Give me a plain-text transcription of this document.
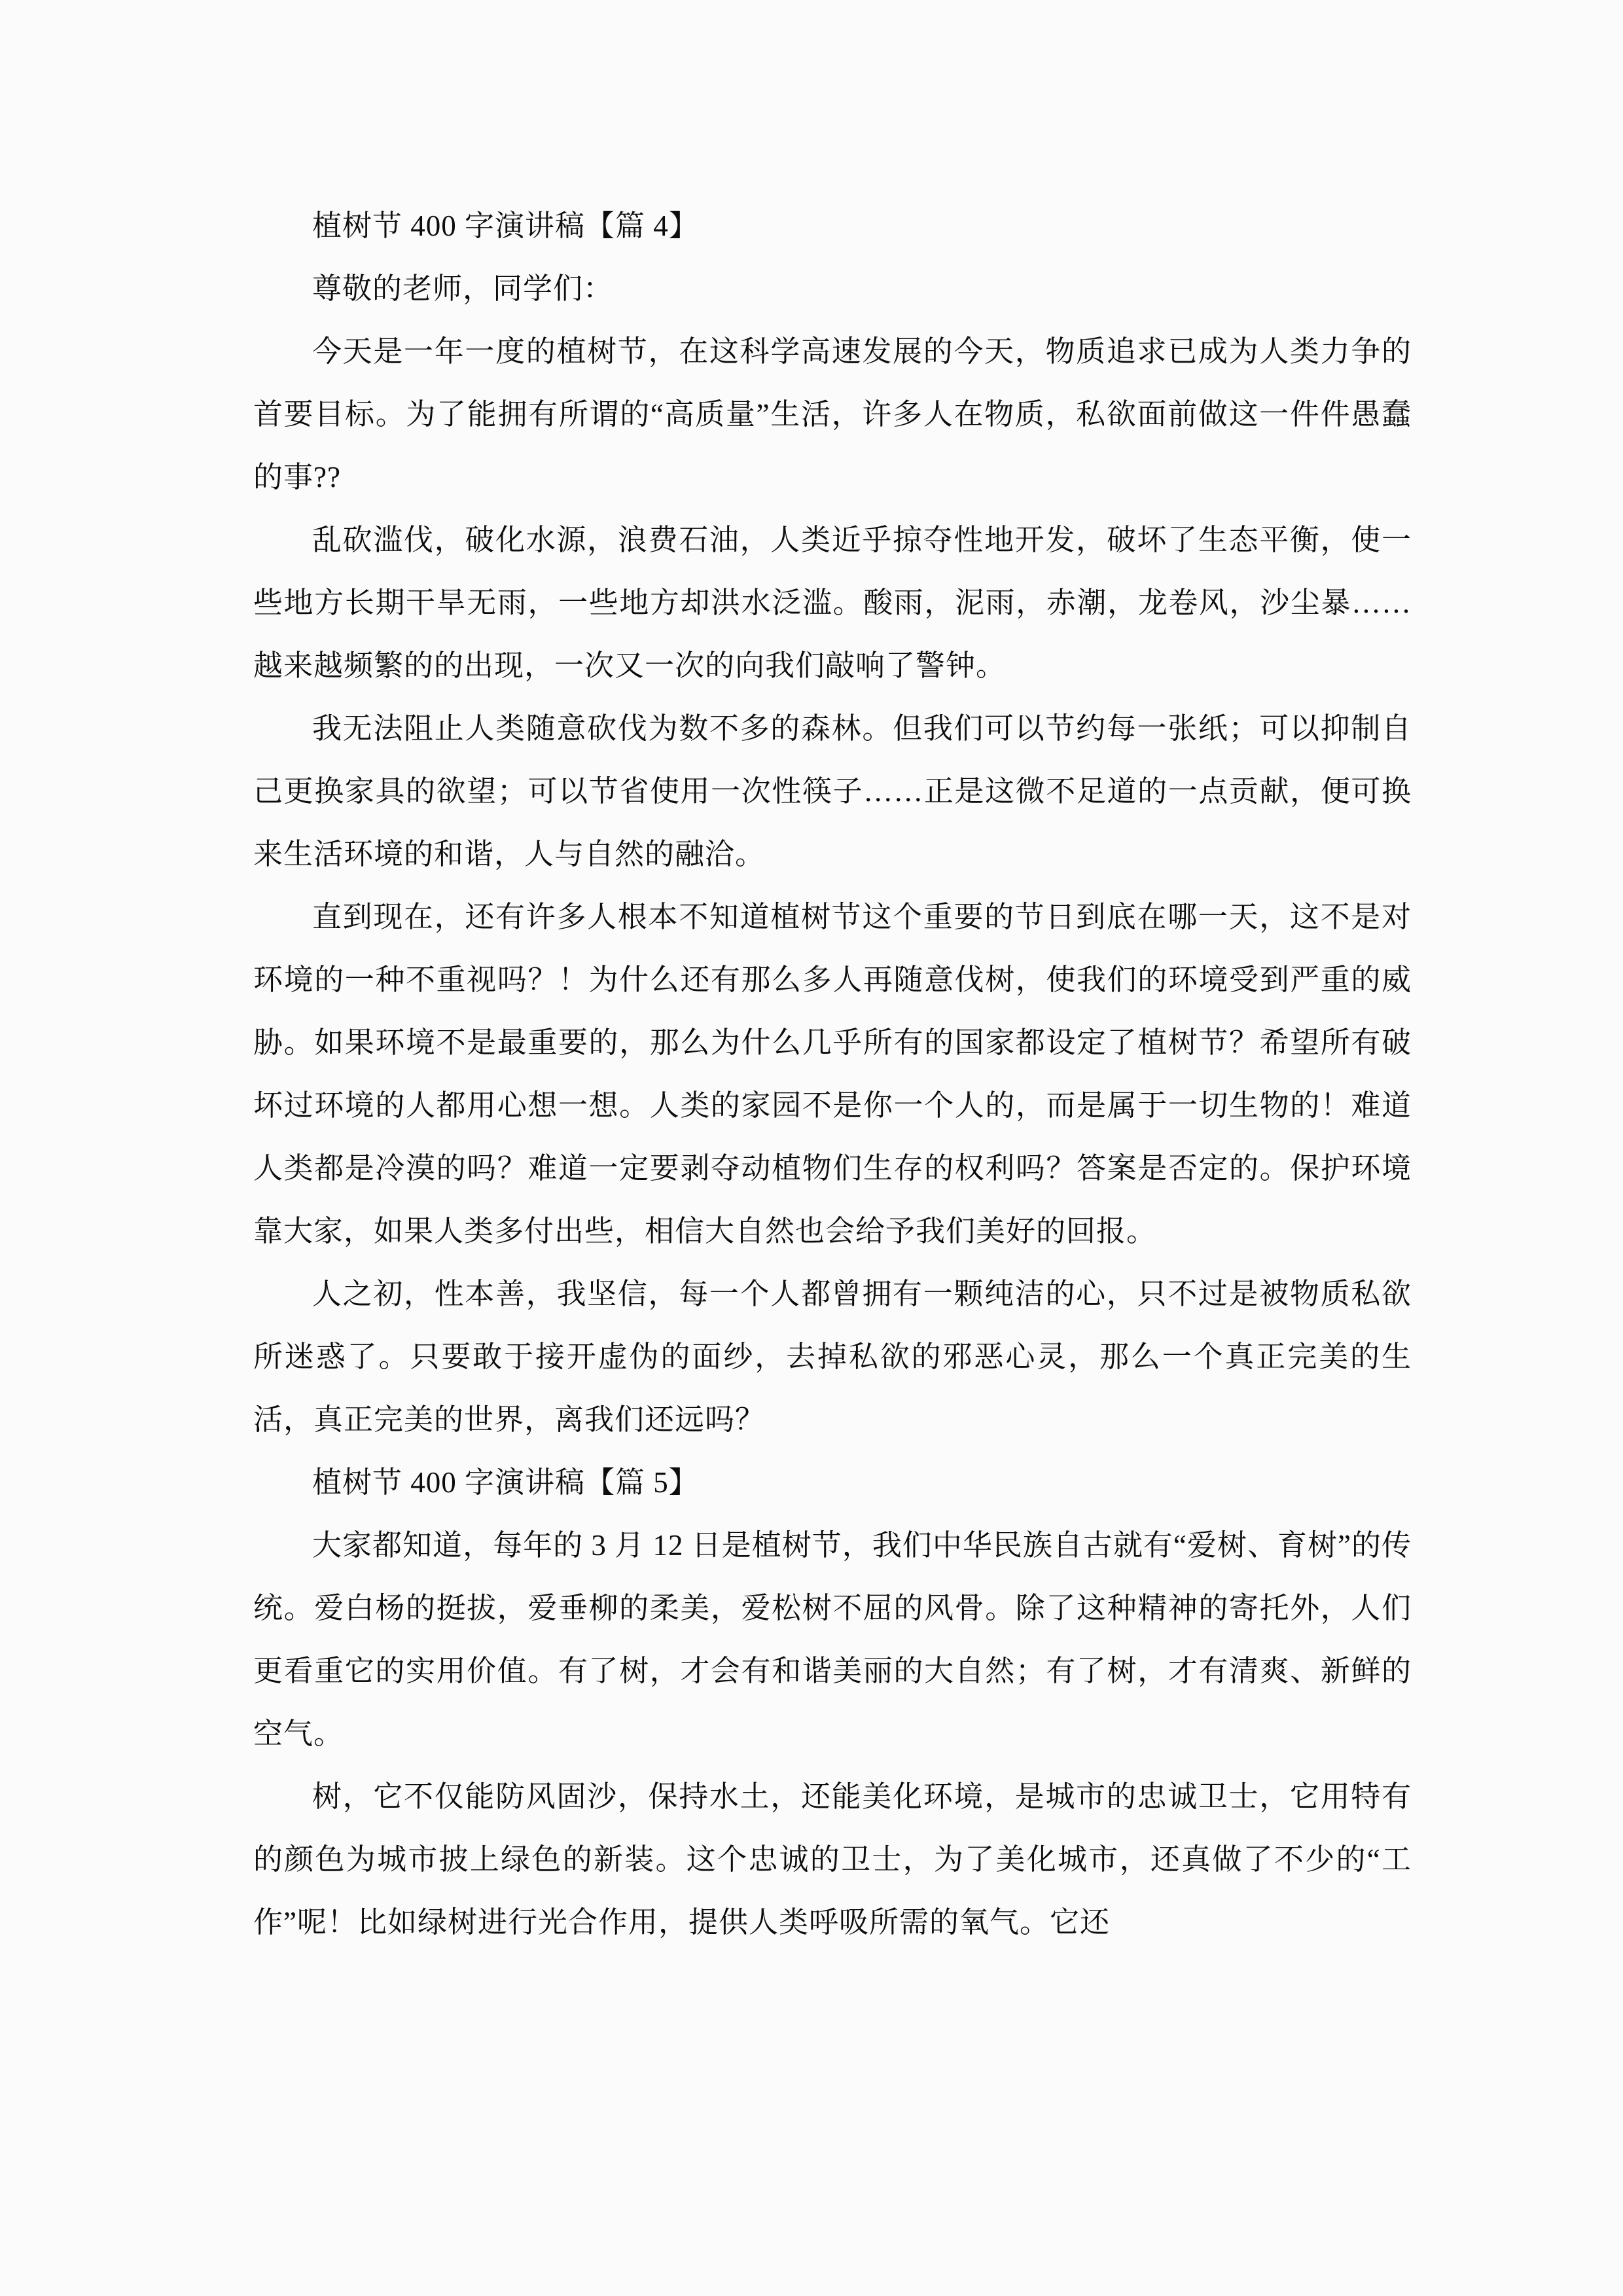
植树节 400 字演讲稿【篇 4】

尊敬的老师，同学们：

今天是一年一度的植树节，在这科学高速发展的今天，物质追求已成为人类力争的首要目标。为了能拥有所谓的“高质量”生活，许多人在物质，私欲面前做这一件件愚蠢的事??

乱砍滥伐，破化水源，浪费石油，人类近乎掠夺性地开发，破坏了生态平衡，使一些地方长期干旱无雨，一些地方却洪水泛滥。酸雨，泥雨，赤潮，龙卷风，沙尘暴……越来越频繁的的出现，一次又一次的向我们敲响了警钟。

我无法阻止人类随意砍伐为数不多的森林。但我们可以节约每一张纸；可以抑制自己更换家具的欲望；可以节省使用一次性筷子……正是这微不足道的一点贡献，便可换来生活环境的和谐，人与自然的融洽。

直到现在，还有许多人根本不知道植树节这个重要的节日到底在哪一天，这不是对环境的一种不重视吗？！为什么还有那么多人再随意伐树，使我们的环境受到严重的威胁。如果环境不是最重要的，那么为什么几乎所有的国家都设定了植树节？希望所有破坏过环境的人都用心想一想。人类的家园不是你一个人的，而是属于一切生物的！难道人类都是冷漠的吗？难道一定要剥夺动植物们生存的权利吗？答案是否定的。保护环境靠大家，如果人类多付出些，相信大自然也会给予我们美好的回报。

人之初，性本善，我坚信，每一个人都曾拥有一颗纯洁的心，只不过是被物质私欲所迷惑了。只要敢于接开虚伪的面纱，去掉私欲的邪恶心灵，那么一个真正完美的生活，真正完美的世界，离我们还远吗？

植树节 400 字演讲稿【篇 5】

大家都知道，每年的 3 月 12 日是植树节，我们中华民族自古就有“爱树、育树”的传统。爱白杨的挺拔，爱垂柳的柔美，爱松树不屈的风骨。除了这种精神的寄托外，人们更看重它的实用价值。有了树，才会有和谐美丽的大自然；有了树，才有清爽、新鲜的空气。

树，它不仅能防风固沙，保持水土，还能美化环境，是城市的忠诚卫士，它用特有的颜色为城市披上绿色的新装。这个忠诚的卫士，为了美化城市，还真做了不少的“工作”呢！比如绿树进行光合作用，提供人类呼吸所需的氧气。它还
